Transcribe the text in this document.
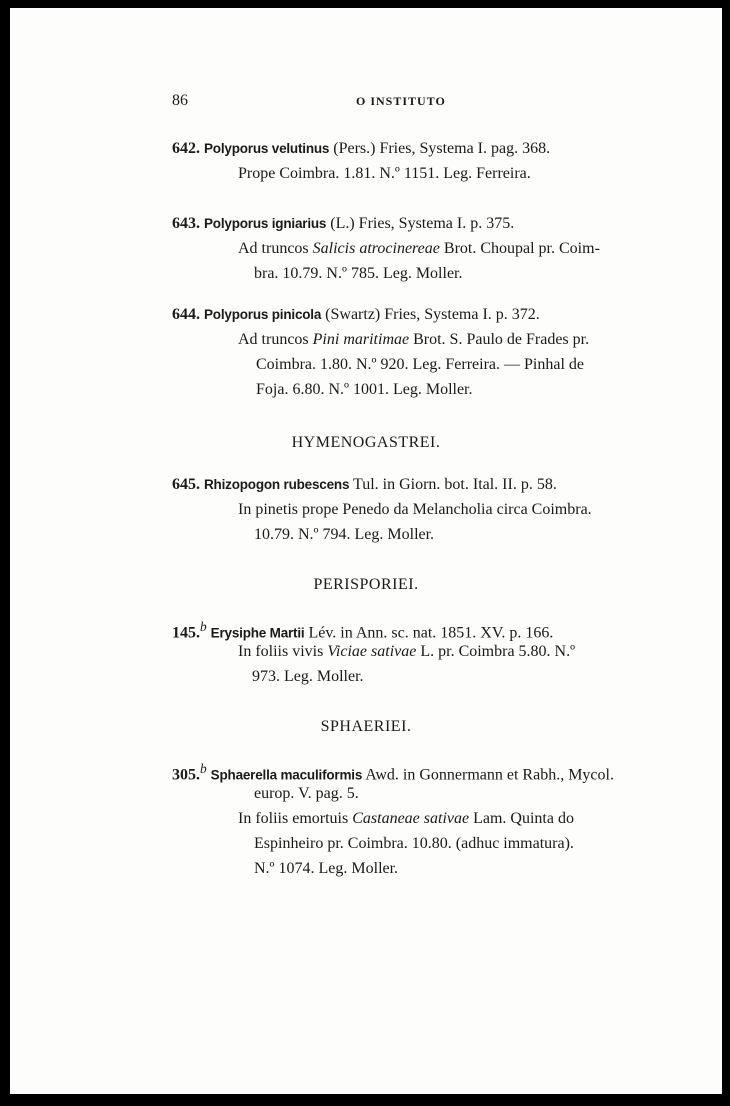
86	O INSTITUTO

642. Polyporus velutinus (Pers.) Fries, Systema I. pag. 368.
Prope Coimbra. 1.81. N.º 1151. Leg. Ferreira.
643. Polyporus igniarius (L.) Fries, Systema I. p. 375.
Ad truncos Salicis atrocinereae Brot. Choupal pr. Coim-
bra. 10.79. N.º 785. Leg. Moller.
644. Polyporus pinicola (Swartz) Fries, Systema I. p. 372.
Ad truncos Pini maritimae Brot. S. Paulo de Frades pr.
Coimbra. 1.80. N.º 920. Leg. Ferreira. — Pinhal de
Foja. 6.80. N.º 1001. Leg. Moller.
HYMENOGASTREI.
645. Rhizopogon rubescens Tul. in Giorn. bot. Ital. II. p. 58.
In pinetis prope Penedo da Melancholia circa Coimbra.
10.79. N.º 794. Leg. Moller.
PERISPORIEI.
145.$^b$ Erysiphe Martii Lév. in Ann. sc. nat. 1851. XV. p. 166.
In foliis vivis Viciae sativae L. pr. Coimbra 5.80. N.º
973. Leg. Moller.
SPHAERIEI.
305.$^b$ Sphaerella maculiformis Awd. in Gonnermann et Rabh., Mycol.
europ. V. pag. 5.
In foliis emortuis Castaneae sativae Lam. Quinta do
Espinheiro pr. Coimbra. 10.80. (adhuc immatura).
N.º 1074. Leg. Moller.
